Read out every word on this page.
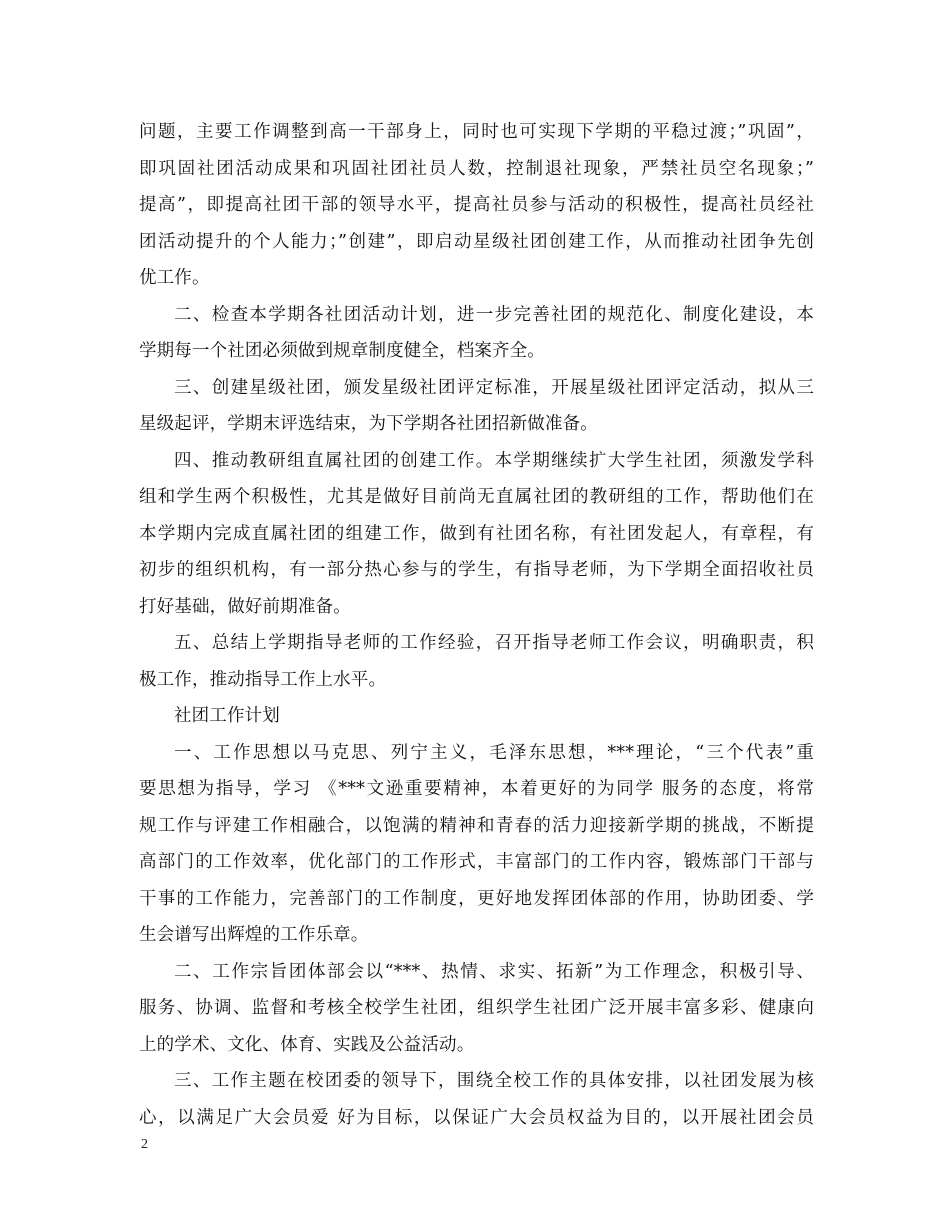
问题，主要工作调整到高一干部身上，同时也可实现下学期的平稳过渡；”巩固”，
即巩固社团活动成果和巩固社团社员人数，控制退社现象，严禁社员空名现象；”
提高”，即提高社团干部的领导水平，提高社员参与活动的积极性，提高社员经社
团活动提升的个人能力；”创建”，即启动星级社团创建工作，从而推动社团争先创
优工作。
二、检查本学期各社团活动计划，进一步完善社团的规范化、制度化建设，本
学期每一个社团必须做到规章制度健全，档案齐全。
三、创建星级社团，颁发星级社团评定标准，开展星级社团评定活动，拟从三
星级起评，学期末评选结束，为下学期各社团招新做准备。
四、推动教研组直属社团的创建工作。本学期继续扩大学生社团，须激发学科
组和学生两个积极性，尤其是做好目前尚无直属社团的教研组的工作，帮助他们在
本学期内完成直属社团的组建工作，做到有社团名称，有社团发起人，有章程，有
初步的组织机构，有一部分热心参与的学生，有指导老师，为下学期全面招收社员
打好基础，做好前期准备。
五、总结上学期指导老师的工作经验，召开指导老师工作会议，明确职责，积
极工作，推动指导工作上水平。
社团工作计划
一、工作思想以马克思、列宁主义，毛泽东思想，***理论，“三个代表”重
要思想为指导，学习 《***文逊重要精神，本着更好的为同学 服务的态度，将常
规工作与评建工作相融合，以饱满的精神和青春的活力迎接新学期的挑战，不断提
高部门的工作效率，优化部门的工作形式，丰富部门的工作内容，锻炼部门干部与
干事的工作能力，完善部门的工作制度，更好地发挥团体部的作用，协助团委、学
生会谱写出辉煌的工作乐章。
二、工作宗旨团体部会以“***、热情、求实、拓新”为工作理念，积极引导、
服务、协调、监督和考核全校学生社团，组织学生社团广泛开展丰富多彩、健康向
上的学术、文化、体育、实践及公益活动。
三、工作主题在校团委的领导下，围绕全校工作的具体安排，以社团发展为核
心，以满足广大会员爱 好为目标，以保证广大会员权益为目的，以开展社团会员
2
